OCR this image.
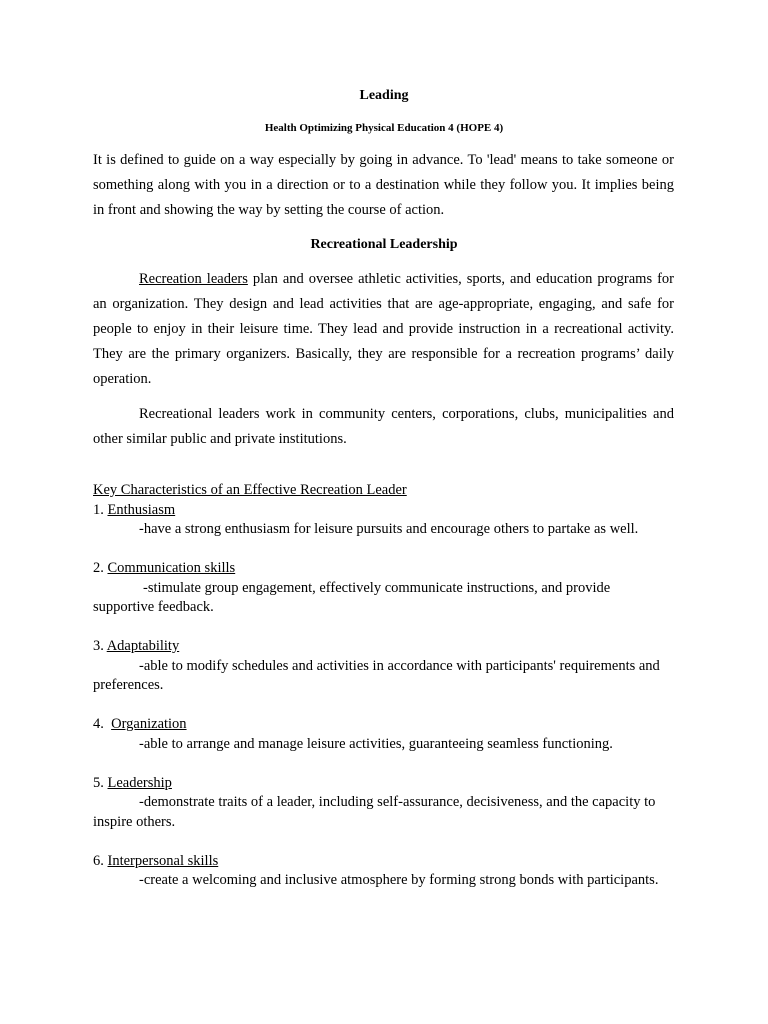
Leading
Health Optimizing Physical Education 4 (HOPE 4)
It is defined to guide on a way especially by going in advance. To 'lead' means to take someone or something along with you in a direction or to a destination while they follow you. It implies being in front and showing the way by setting the course of action.
Recreational Leadership
Recreation leaders plan and oversee athletic activities, sports, and education programs for an organization. They design and lead activities that are age-appropriate, engaging, and safe for people to enjoy in their leisure time. They lead and provide instruction in a recreational activity. They are the primary organizers. Basically, they are responsible for a recreation programs’ daily operation.
Recreational leaders work in community centers, corporations, clubs, municipalities and other similar public and private institutions.

Key Characteristics of an Effective Recreation Leader

1. Enthusiasm

-have a strong enthusiasm for leisure pursuits and encourage others to partake as well.

2. Communication skills

-stimulate group engagement, effectively communicate instructions, and provide supportive feedback.

3. Adaptability

-able to modify schedules and activities in accordance with participants' requirements and preferences.

4.  Organization

-able to arrange and manage leisure activities, guaranteeing seamless functioning.

5. Leadership

-demonstrate traits of a leader, including self-assurance, decisiveness, and the capacity to inspire others.

6. Interpersonal skills

-create a welcoming and inclusive atmosphere by forming strong bonds with participants.
